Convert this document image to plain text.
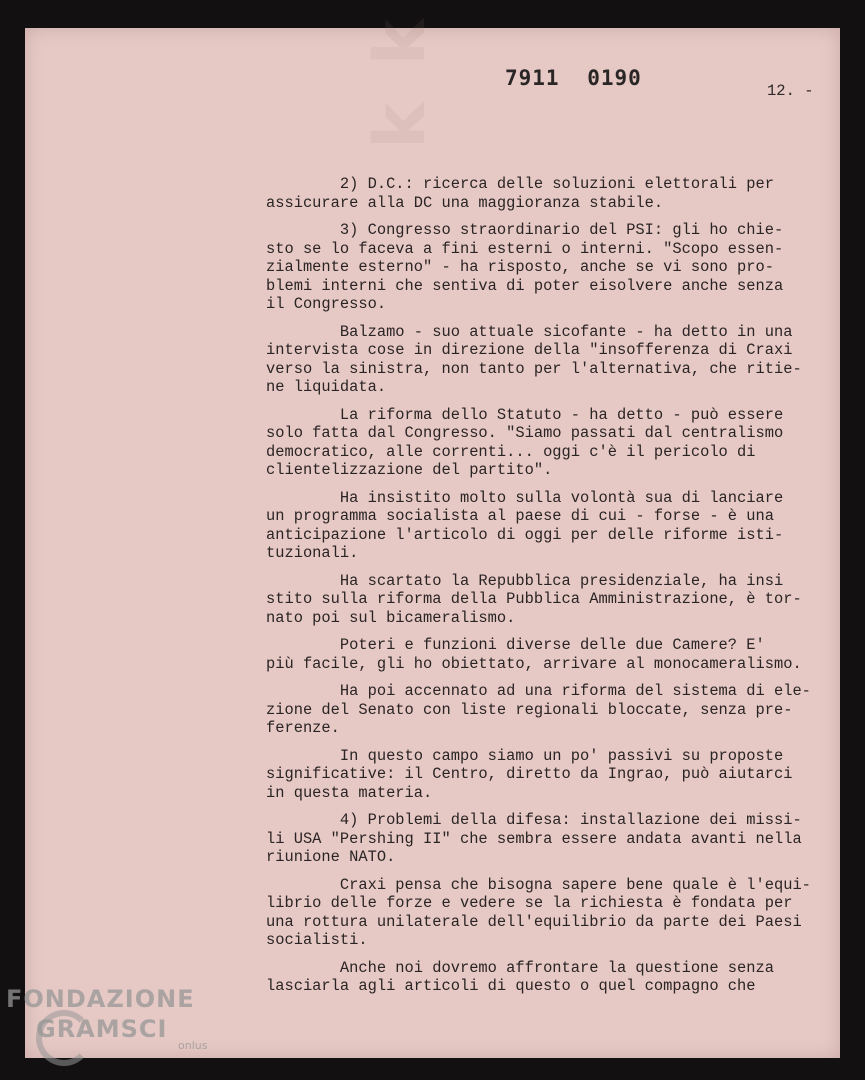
ʞ ʞ	7911 0190
12. -

2) D.C.: ricerca delle soluzioni elettorali per
assicurare alla DC una maggioranza stabile.

3) Congresso straordinario del PSI: gli ho chie-
sto se lo faceva a fini esterni o interni. "Scopo essen-
zialmente esterno" - ha risposto, anche se vi sono pro-
blemi interni che sentiva di poter eisolvere anche senza
il Congresso.

Balzamo - suo attuale sicofante - ha detto in una
intervista cose in direzione della "insofferenza di Craxi
verso la sinistra, non tanto per l'alternativa, che ritie-
ne liquidata.

La riforma dello Statuto - ha detto - può essere
solo fatta dal Congresso. "Siamo passati dal centralismo
democratico, alle correnti... oggi c'è il pericolo di
clientelizzazione del partito".

Ha insistito molto sulla volontà sua di lanciare
un programma socialista al paese di cui - forse - è una
anticipazione l'articolo di oggi per delle riforme isti-
tuzionali.

Ha scartato la Repubblica presidenziale, ha insi
stito sulla riforma della Pubblica Amministrazione, è tor-
nato poi sul bicameralismo.

Poteri e funzioni diverse delle due Camere? E'
più facile, gli ho obiettato, arrivare al monocameralismo.

Ha poi accennato ad una riforma del sistema di ele-
zione del Senato con liste regionali bloccate, senza pre-
ferenze.

In questo campo siamo un po' passivi su proposte
significative: il Centro, diretto da Ingrao, può aiutarci
in questa materia.

4) Problemi della difesa: installazione dei missi-
li USA "Pershing II" che sembra essere andata avanti nella
riunione NATO.

Craxi pensa che bisogna sapere bene quale è l'equi-
librio delle forze e vedere se la richiesta è fondata per
una rottura unilaterale dell'equilibrio da parte dei Paesi
socialisti.

Anche noi dovremo affrontare la questione senza
lasciarla agli articoli di questo o quel compagno che

FONDAZIONE
GRAMSCI
onlus
